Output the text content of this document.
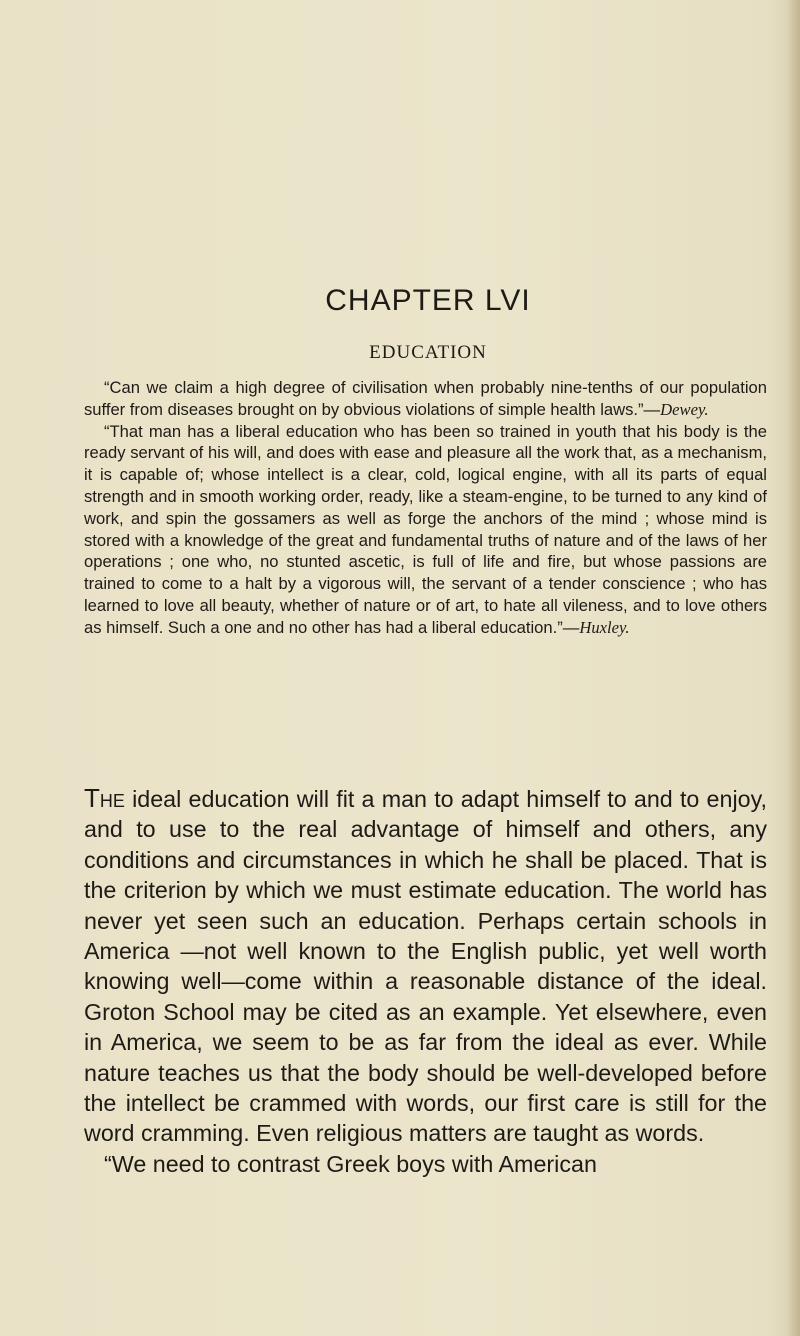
CHAPTER LVI
EDUCATION

“Can we claim a high degree of civilisation when probably nine-tenths of our population suffer from diseases brought on by obvious violations of simple health laws.”—Dewey.

“That man has a liberal education who has been so trained in youth that his body is the ready servant of his will, and does with ease and pleasure all the work that, as a mechanism, it is capable of; whose intellect is a clear, cold, logical engine, with all its parts of equal strength and in smooth working order, ready, like a steam-engine, to be turned to any kind of work, and spin the gossamers as well as forge the anchors of the mind ; whose mind is stored with a knowledge of the great and fundamental truths of nature and of the laws of her operations ; one who, no stunted ascetic, is full of life and fire, but whose passions are trained to come to a halt by a vigorous will, the servant of a tender conscience ; who has learned to love all beauty, whether of nature or of art, to hate all vileness, and to love others as himself. Such a one and no other has had a liberal education.”—Huxley.

The ideal education will fit a man to adapt himself to and to enjoy, and to use to the real advantage of himself and others, any conditions and circumstances in which he shall be placed. That is the criterion by which we must estimate education. The world has never yet seen such an education. Perhaps certain schools in America —not well known to the English public, yet well worth knowing well—come within a reasonable distance of the ideal. Groton School may be cited as an example. Yet elsewhere, even in America, we seem to be as far from the ideal as ever. While nature teaches us that the body should be well-developed before the intellect be crammed with words, our first care is still for the word cramming. Even religious matters are taught as words.

“We need to contrast Greek boys with American
